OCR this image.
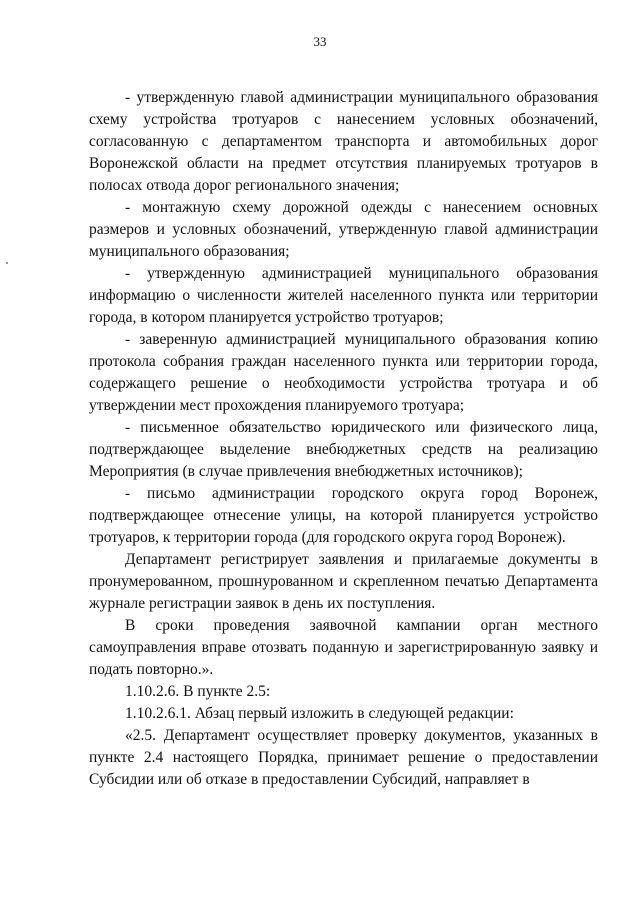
33

- утвержденную главой администрации муниципального образования схему устройства тротуаров с нанесением условных обозначений, согласованную с департаментом транспорта и автомобильных дорог Воронежской области на предмет отсутствия планируемых тротуаров в полосах отвода дорог регионального значения;

- монтажную схему дорожной одежды с нанесением основных размеров и условных обозначений, утвержденную главой администрации муниципального образования;

- утвержденную администрацией муниципального образования информацию о численности жителей населенного пункта или территории города, в котором планируется устройство тротуаров;

- заверенную администрацией муниципального образования копию протокола собрания граждан населенного пункта или территории города, содержащего решение о необходимости устройства тротуара и об утверждении мест прохождения планируемого тротуара;

- письменное обязательство юридического или физического лица, подтверждающее выделение внебюджетных средств на реализацию Мероприятия (в случае привлечения внебюджетных источников);

- письмо администрации городского округа город Воронеж, подтверждающее отнесение улицы, на которой планируется устройство тротуаров, к территории города (для городского округа город Воронеж).

Департамент регистрирует заявления и прилагаемые документы в пронумерованном, прошнурованном и скрепленном печатью Департамента журнале регистрации заявок в день их поступления.

В сроки проведения заявочной кампании орган местного самоуправления вправе отозвать поданную и зарегистрированную заявку и подать повторно.».

1.10.2.6. В пункте 2.5:

1.10.2.6.1. Абзац первый изложить в следующей редакции:

«2.5. Департамент осуществляет проверку документов, указанных в пункте 2.4 настоящего Порядка, принимает решение о предоставлении Субсидии или об отказе в предоставлении Субсидий, направляет в
